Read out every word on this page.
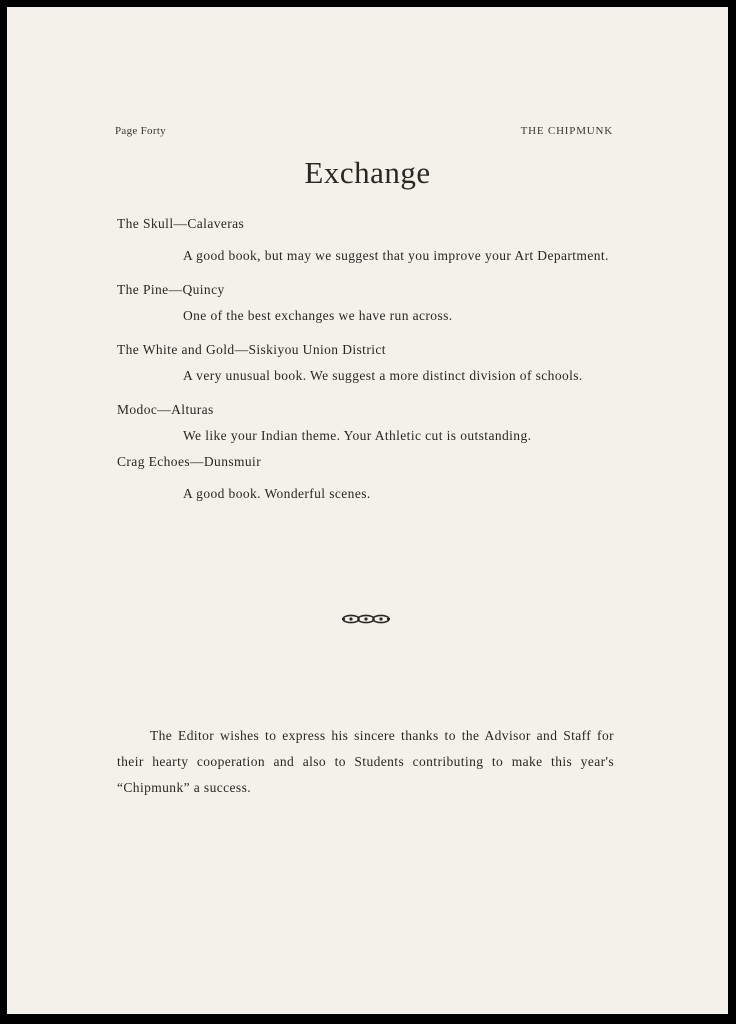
Page Forty	THE CHIPMUNK
Exchange
The Skull—Calaveras
A good book, but may we suggest that you improve your Art Department.
The Pine—Quincy
One of the best exchanges we have run across.
The White and Gold—Siskiyou Union District
A very unusual book. We suggest a more distinct division of schools.
Modoc—Alturas
We like your Indian theme. Your Athletic cut is outstanding.
Crag Echoes—Dunsmuir
A good book. Wonderful scenes.

The Editor wishes to express his sincere thanks to the Advisor and Staff for their hearty cooperation and also to Students contributing to make this year's “Chipmunk” a success.
